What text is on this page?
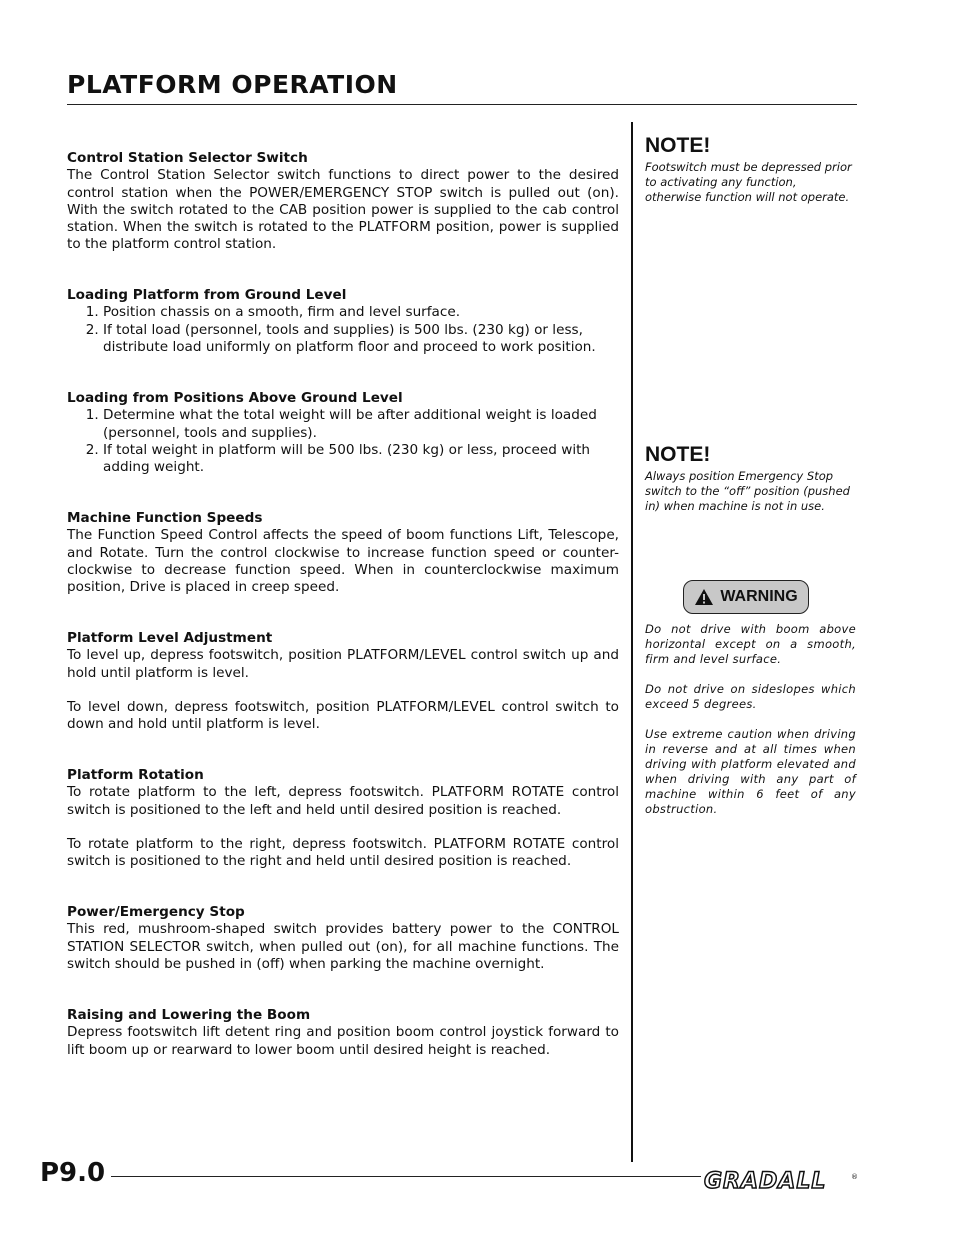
PLATFORM OPERATION
Control Station Selector Switch

The Control Station Selector switch functions to direct power to the desired control station when the POWER/EMERGENCY STOP switch is pulled out (on). With the switch rotated to the CAB position power is supplied to the cab control station. When the switch is rotated to the PLATFORM position, power is supplied to the platform control station.

Loading Platform from Ground Level
1. Position chassis on a smooth, firm and level surface.
2. If total load (personnel, tools and supplies) is 500 lbs. (230 kg) or less, distribute load uniformly on platform floor and proceed to work position.
Loading from Positions Above Ground Level
1. Determine what the total weight will be after additional weight is loaded (personnel, tools and supplies).
2. If total weight in platform will be 500 lbs. (230 kg) or less, proceed with adding weight.
Machine Function Speeds

The Function Speed Control affects the speed of boom functions Lift, Telescope, and Rotate. Turn the control clockwise to increase function speed or counter-clockwise to decrease function speed. When in counterclockwise maximum position, Drive is placed in creep speed.

Platform Level Adjustment

To level up, depress footswitch, position PLATFORM/LEVEL control switch up and hold until platform is level.

To level down, depress footswitch, position PLATFORM/LEVEL control switch to down and hold until platform is level.

Platform Rotation

To rotate platform to the left, depress footswitch. PLATFORM ROTATE control switch is positioned to the left and held until desired position is reached.

To rotate platform to the right, depress footswitch. PLATFORM ROTATE control switch is positioned to the right and held until desired position is reached.

Power/Emergency Stop

This red, mushroom-shaped switch provides battery power to the CONTROL STATION SELECTOR switch, when pulled out (on), for all machine functions. The switch should be pushed in (off) when parking the machine overnight.

Raising and Lowering the Boom

Depress footswitch lift detent ring and position boom control joystick forward to lift boom up or rearward to lower boom until desired height is reached.

NOTE!

Footswitch must be depressed prior to activating any function, otherwise function will not operate.

NOTE!

Always position Emergency Stop switch to the “off” position (pushed in) when machine is not in use.

WARNING

Do not drive with boom above horizontal except on a smooth, firm and level surface.

Do not drive on sideslopes which exceed 5 degrees.

Use extreme caution when driving in reverse and at all times when driving with platform elevated and when driving with any part of machine within 6 feet of any obstruction.

P9.0	GRADALL	®
